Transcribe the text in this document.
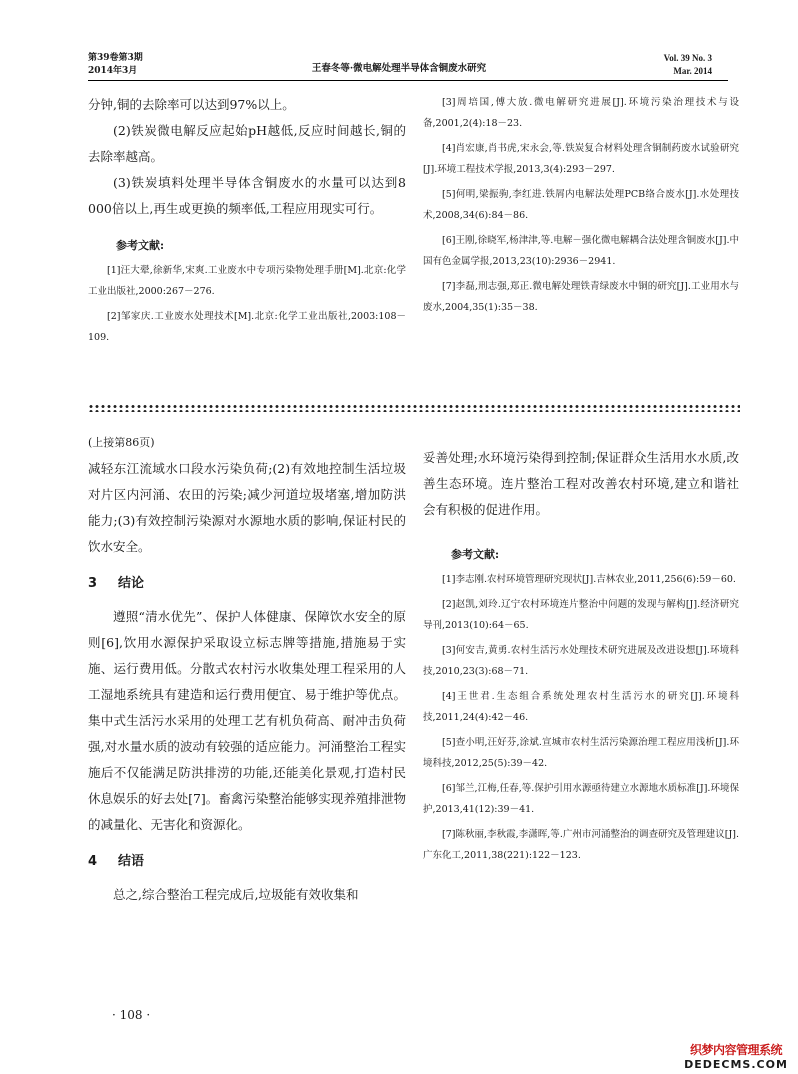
第39卷第3期
2014年3月	王春冬等·微电解处理半导体含铜废水研究
Vol. 39 No. 3
Mar. 2014

分钟,铜的去除率可以达到97%以上。

(2)铁炭微电解反应起始pH越低,反应时间越长,铜的去除率越高。

(3)铁炭填料处理半导体含铜废水的水量可以达到8 000倍以上,再生或更换的频率低,工程应用现实可行。

参考文献:

[1]汪大翚,徐新华,宋爽.工业废水中专项污染物处理手册[M].北京:化学工业出版社,2000:267－276.

[2]邹家庆.工业废水处理技术[M].北京:化学工业出版社,2003:108－109.

[3]周培国,傅大放.微电解研究进展[J].环境污染治理技术与设备,2001,2(4):18－23.

[4]肖宏康,肖书虎,宋永会,等.铁炭复合材料处理含铜制药废水试验研究[J].环境工程技术学报,2013,3(4):293－297.

[5]何明,梁振驹,李红进.铁屑内电解法处理PCB络合废水[J].水处理技术,2008,34(6):84－86.

[6]王刚,徐晓军,杨津津,等.电解－强化微电解耦合法处理含铜废水[J].中国有色金属学报,2013,23(10):2936－2941.

[7]李磊,刑志强,郑正.微电解处理铁青绿废水中铜的研究[J].工业用水与废水,2004,35(1):35－38.

(上接第86页)

减轻东江流域水口段水污染负荷;(2)有效地控制生活垃圾对片区内河涌、农田的污染;减少河道垃圾堵塞,增加防洪能力;(3)有效控制污染源对水源地水质的影响,保证村民的饮水安全。

3 结论

遵照“清水优先”、保护人体健康、保障饮水安全的原则[6],饮用水源保护采取设立标志牌等措施,措施易于实施、运行费用低。分散式农村污水收集处理工程采用的人工湿地系统具有建造和运行费用便宜、易于维护等优点。集中式生活污水采用的处理工艺有机负荷高、耐冲击负荷强,对水量水质的波动有较强的适应能力。河涌整治工程实施后不仅能满足防洪排涝的功能,还能美化景观,打造村民休息娱乐的好去处[7]。畜禽污染整治能够实现养殖排泄物的减量化、无害化和资源化。

4 结语

总之,综合整治工程完成后,垃圾能有效收集和

妥善处理;水环境污染得到控制;保证群众生活用水水质,改善生态环境。连片整治工程对改善农村环境,建立和谐社会有积极的促进作用。

参考文献:

[1]李志刚.农村环境管理研究现状[J].吉林农业,2011,256(6):59－60.

[2]赵凯,刘玲.辽宁农村环境连片整治中问题的发现与解构[J].经济研究导刊,2013(10):64－65.

[3]何安吉,黄勇.农村生活污水处理技术研究进展及改进设想[J].环境科技,2010,23(3):68－71.

[4]王世君.生态组合系统处理农村生活污水的研究[J].环境科技,2011,24(4):42－46.

[5]查小明,汪好芬,涂斌.宣城市农村生活污染源治理工程应用浅析[J].环境科技,2012,25(5):39－42.

[6]邹兰,江梅,任春,等.保护引用水源亟待建立水源地水质标准[J].环境保护,2013,41(12):39－41.

[7]陈秋丽,李秋霞,李潇晖,等.广州市河涌整治的调查研究及管理建议[J].广东化工,2011,38(221):122－123.

· 108 ·
织梦内容管理系统
DEDECMS.COM
